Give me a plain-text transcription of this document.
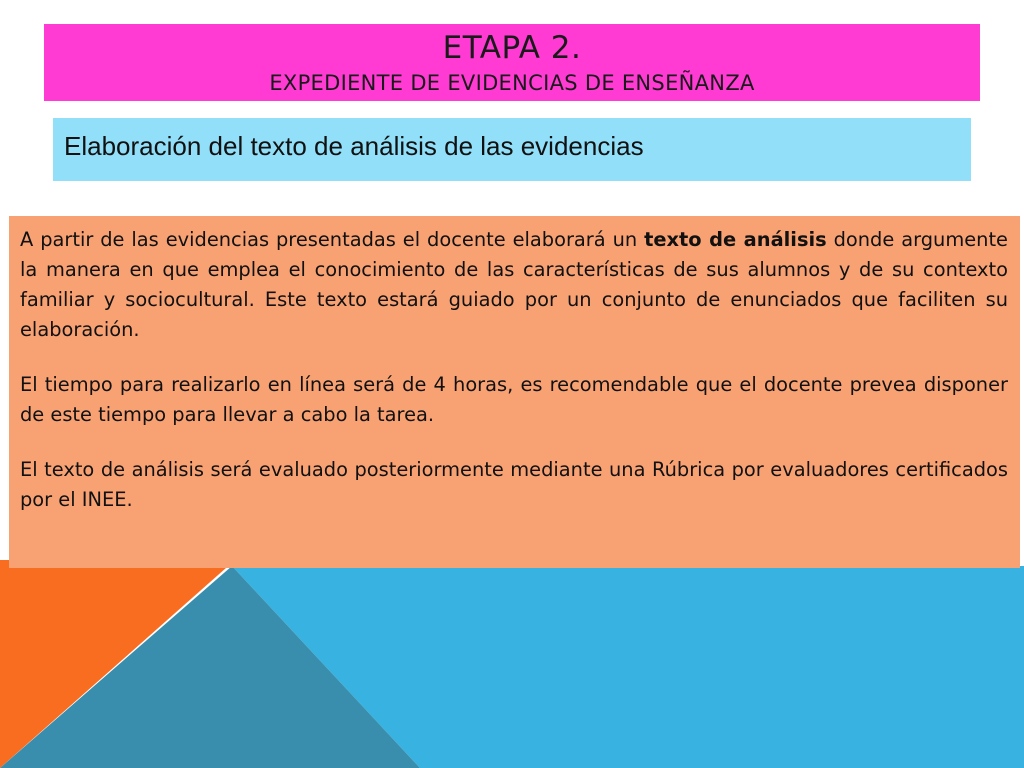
ETAPA 2.
EXPEDIENTE DE EVIDENCIAS DE ENSEÑANZA
Elaboración del texto de análisis de las evidencias

A partir de las evidencias presentadas el docente elaborará un texto de análisis donde argumente la manera en que emplea el conocimiento de las características de sus alumnos y de su contexto familiar y sociocultural. Este texto estará guiado por un conjunto de enunciados que faciliten su elaboración.

El tiempo para realizarlo en línea será de 4 horas, es recomendable que el docente prevea disponer de este tiempo para llevar a cabo la tarea.

El texto de análisis será evaluado posteriormente mediante una Rúbrica por evaluadores certificados por el INEE.
